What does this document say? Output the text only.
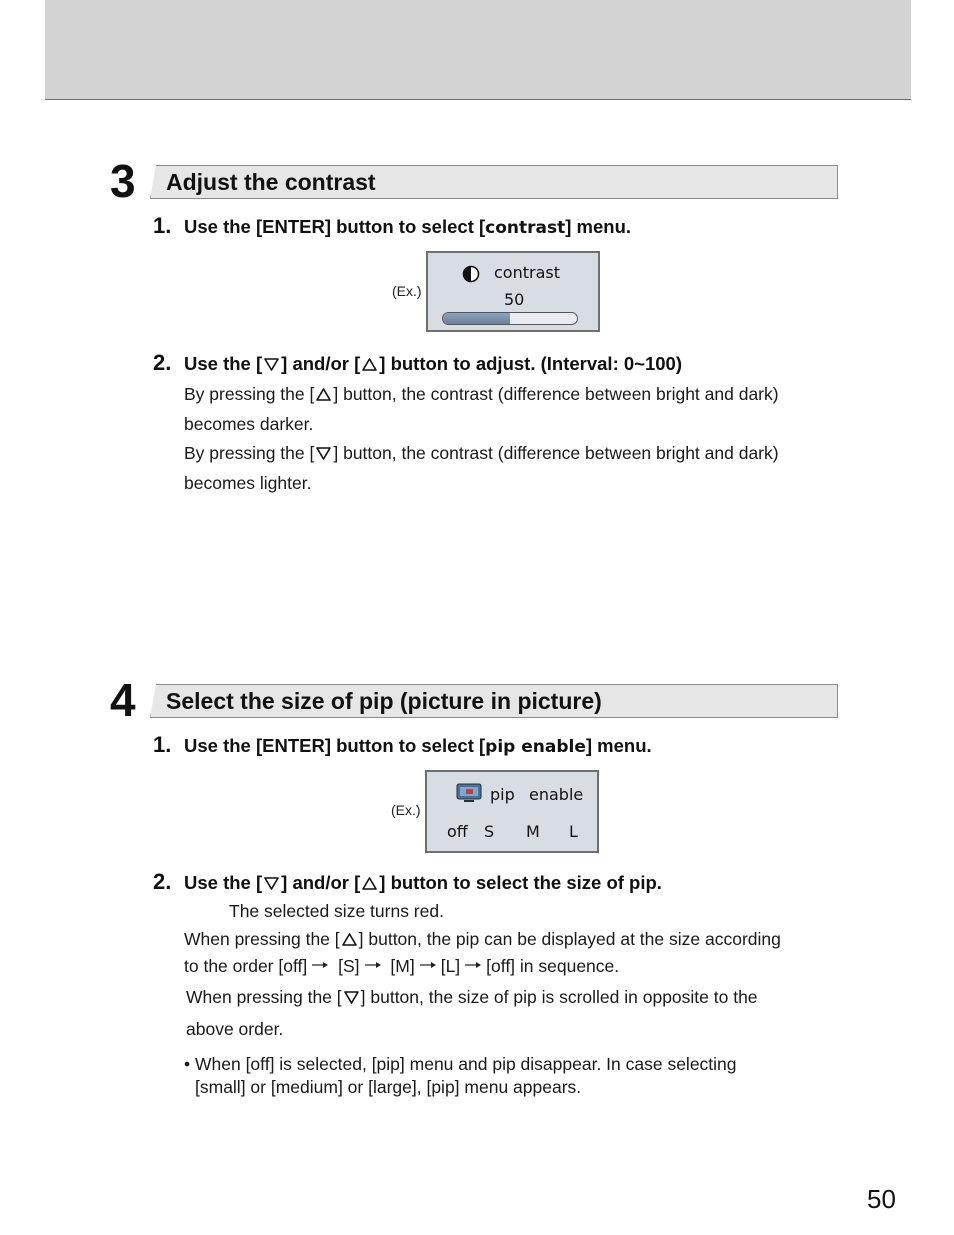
3 Adjust the contrast
1. Use the [ENTER] button to select [contrast] menu.
(Ex.)
contrast
50
2. Use the [ ] and/or [ ] button to adjust. (Interval: 0~100)
By pressing the [ ] button, the contrast (difference between bright and dark)
becomes darker.
By pressing the [ ] button, the contrast (difference between bright and dark)
becomes lighter.
4 Select the size of pip (picture in picture)
1. Use the [ENTER] button to select [pip enable] menu.
(Ex.)
pip enable
off S M L
2. Use the [ ] and/or [ ] button to select the size of pip.
The selected size turns red.
When pressing the [ ] button, the pip can be displayed at the size according
to the order [off] [S] [M] [L] [off] in sequence.
When pressing the [ ] button, the size of pip is scrolled in opposite to the
above order.
• When [off] is selected, [pip] menu and pip disappear. In case selecting
[small] or [medium] or [large], [pip] menu appears.
50
